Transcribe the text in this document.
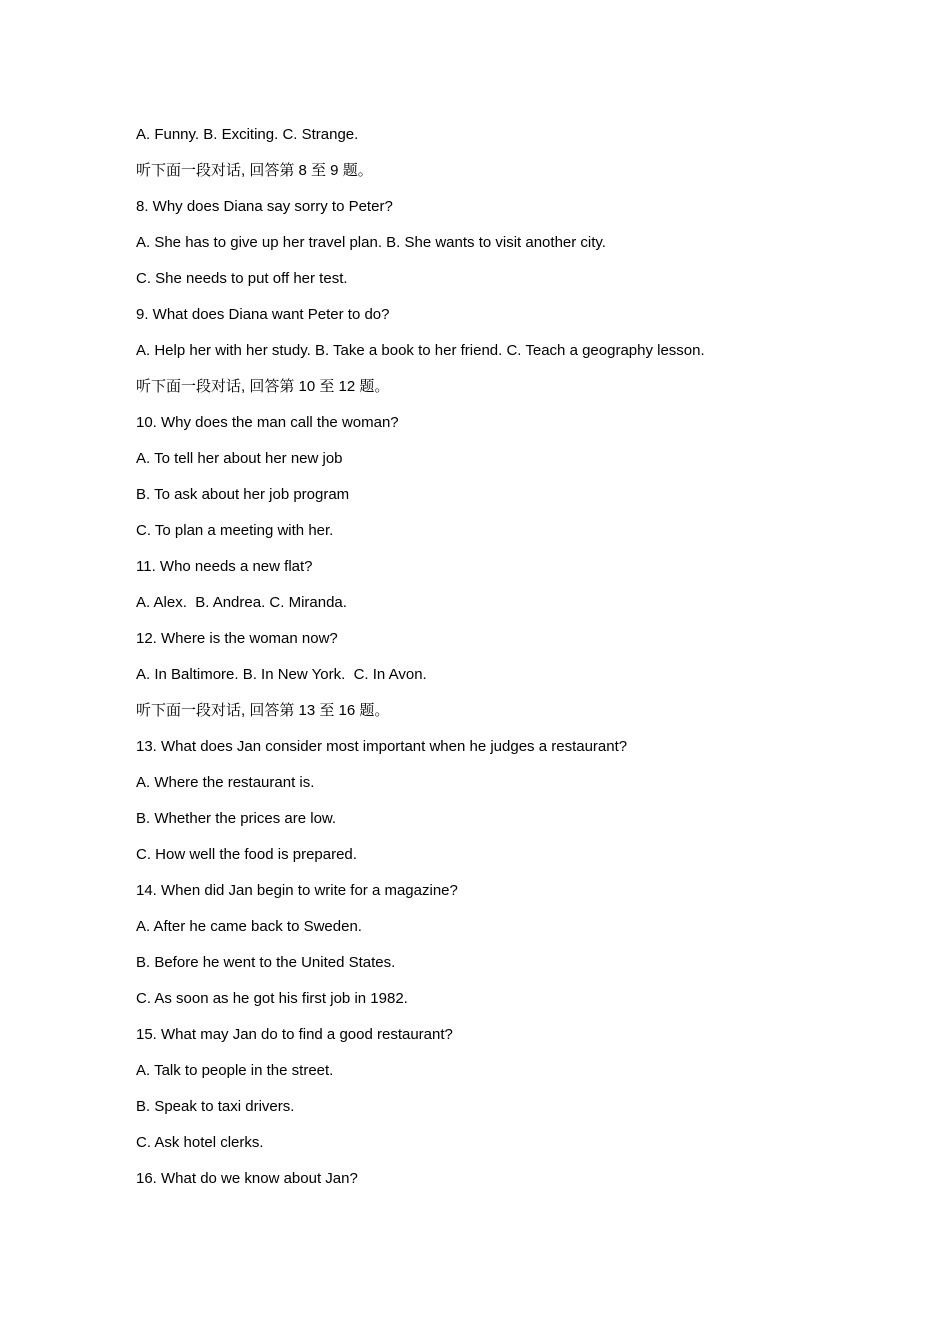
A. Funny. B. Exciting. C. Strange.
听下面一段对话, 回答第 8 至 9 题。
8. Why does Diana say sorry to Peter?
A. She has to give up her travel plan. B. She wants to visit another city.
C. She needs to put off her test.
9. What does Diana want Peter to do?
A. Help her with her study. B. Take a book to her friend. C. Teach a geography lesson.
听下面一段对话, 回答第 10 至 12 题。
10. Why does the man call the woman?
A. To tell her about her new job
B. To ask about her job program
C. To plan a meeting with her.
11. Who needs a new flat?
A. Alex.  B. Andrea. C. Miranda.
12. Where is the woman now?
A. In Baltimore. B. In New York.  C. In Avon.
听下面一段对话, 回答第 13 至 16 题。
13. What does Jan consider most important when he judges a restaurant?
A. Where the restaurant is.
B. Whether the prices are low.
C. How well the food is prepared.
14. When did Jan begin to write for a magazine?
A. After he came back to Sweden.
B. Before he went to the United States.
C. As soon as he got his first job in 1982.
15. What may Jan do to find a good restaurant?
A. Talk to people in the street.
B. Speak to taxi drivers.
C. Ask hotel clerks.
16. What do we know about Jan?
